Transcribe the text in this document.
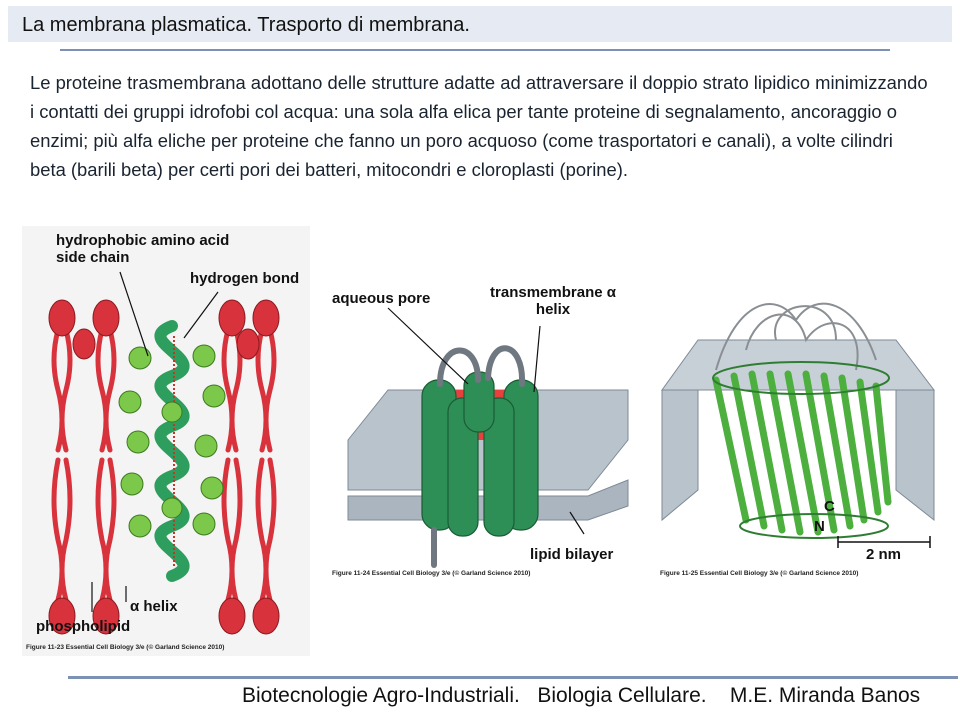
La membrana plasmatica. Trasporto di membrana.
Le proteine trasmembrana adottano delle strutture adatte ad attraversare il doppio strato lipidico minimizzando i contatti dei gruppi idrofobi col acqua: una sola alfa elica per tante proteine di segnalamento, ancoraggio o enzimi; più alfa eliche per proteine che fanno un poro acquoso (come trasportatori e canali), a volte cilindri beta (barili beta) per certi pori dei batteri, mitocondri e cloroplasti (porine).
hydrophobic amino acid side chain
hydrogen bond
α helix
phospholipid
Figure 11-23 Essential Cell Biology 3/e (© Garland Science 2010)
aqueous pore	transmembrane α helix
lipid bilayer
Figure 11-24 Essential Cell Biology 3/e (© Garland Science 2010)
C
N
2 nm
Figure 11-25 Essential Cell Biology 3/e (© Garland Science 2010)
Biotecnologie Agro-Industriali.   Biologia Cellulare.    M.E. Miranda Banos
